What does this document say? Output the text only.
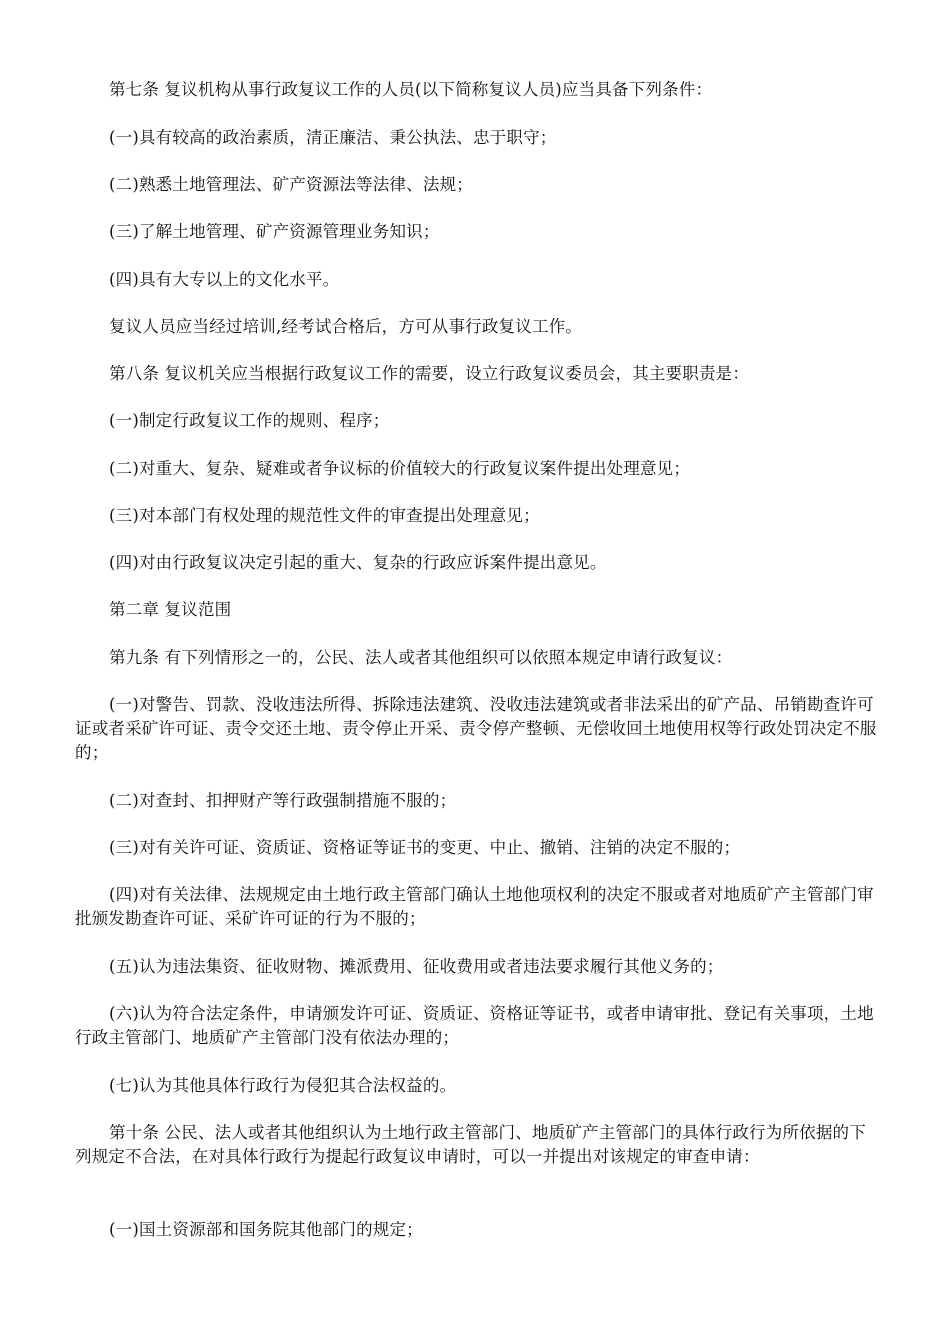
第七条 复议机构从事行政复议工作的人员(以下简称复议人员)应当具备下列条件：

(一)具有较高的政治素质，清正廉洁、秉公执法、忠于职守；

(二)熟悉土地管理法、矿产资源法等法律、法规；

(三)了解土地管理、矿产资源管理业务知识；

(四)具有大专以上的文化水平。

复议人员应当经过培训,经考试合格后，方可从事行政复议工作。

第八条 复议机关应当根据行政复议工作的需要，设立行政复议委员会，其主要职责是：

(一)制定行政复议工作的规则、程序；

(二)对重大、复杂、疑难或者争议标的价值较大的行政复议案件提出处理意见；

(三)对本部门有权处理的规范性文件的审查提出处理意见；

(四)对由行政复议决定引起的重大、复杂的行政应诉案件提出意见。

第二章 复议范围

第九条 有下列情形之一的，公民、法人或者其他组织可以依照本规定申请行政复议：

(一)对警告、罚款、没收违法所得、拆除违法建筑、没收违法建筑或者非法采出的矿产品、吊销勘查许可证或者采矿许可证、责令交还土地、责令停止开采、责令停产整顿、无偿收回土地使用权等行政处罚决定不服的；

(二)对查封、扣押财产等行政强制措施不服的；

(三)对有关许可证、资质证、资格证等证书的变更、中止、撤销、注销的决定不服的；

(四)对有关法律、法规规定由土地行政主管部门确认土地他项权利的决定不服或者对地质矿产主管部门审批颁发勘查许可证、采矿许可证的行为不服的；

(五)认为违法集资、征收财物、摊派费用、征收费用或者违法要求履行其他义务的；

(六)认为符合法定条件，申请颁发许可证、资质证、资格证等证书，或者申请审批、登记有关事项，土地行政主管部门、地质矿产主管部门没有依法办理的；

(七)认为其他具体行政行为侵犯其合法权益的。

第十条 公民、法人或者其他组织认为土地行政主管部门、地质矿产主管部门的具体行政行为所依据的下列规定不合法，在对具体行政行为提起行政复议申请时，可以一并提出对该规定的审查申请：

(一)国土资源部和国务院其他部门的规定；
